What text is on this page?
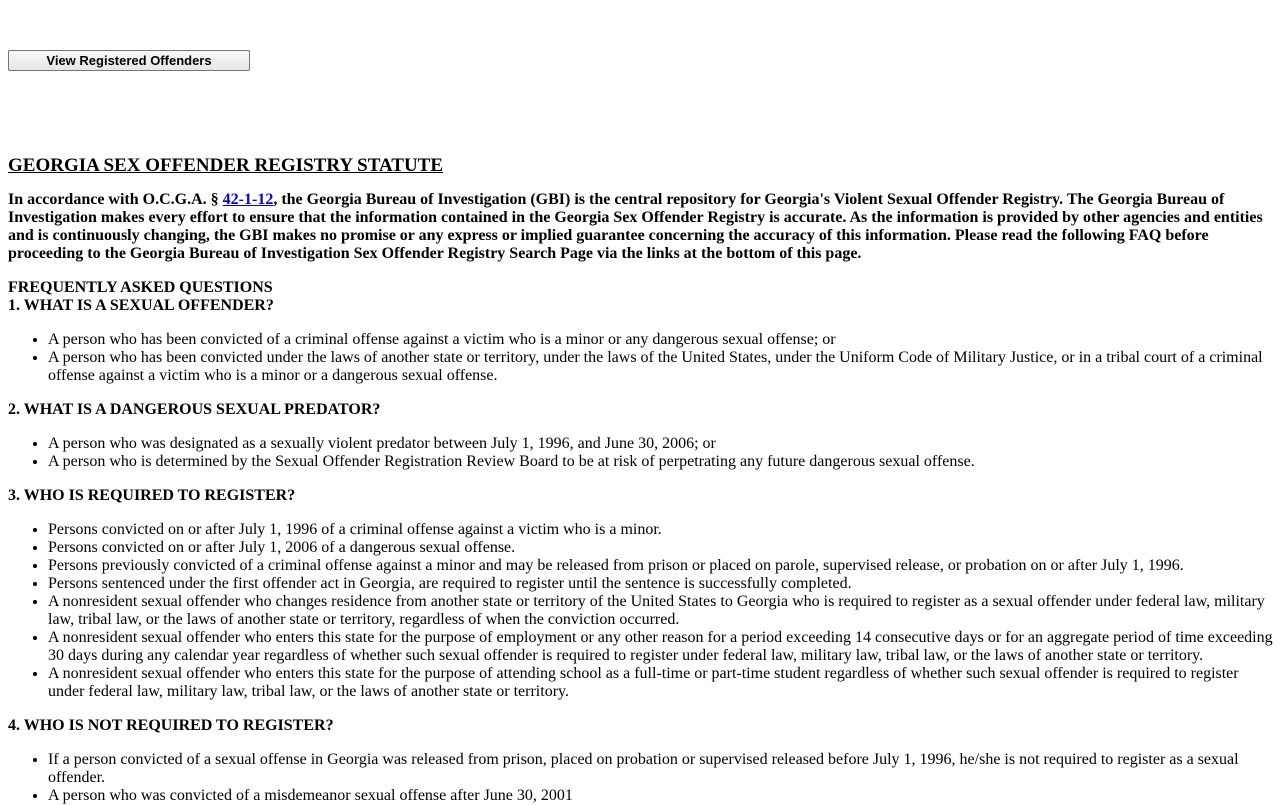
View Registered Offenders
GEORGIA SEX OFFENDER REGISTRY STATUTE

In accordance with O.C.G.A. § 42-1-12, the Georgia Bureau of Investigation (GBI) is the central repository for Georgia's Violent Sexual Offender Registry. The Georgia Bureau of Investigation makes every effort to ensure that the information contained in the Georgia Sex Offender Registry is accurate. As the information is provided by other agencies and entities and is continuously changing, the GBI makes no promise or any express or implied guarantee concerning the accuracy of this information. Please read the following FAQ before proceeding to the Georgia Bureau of Investigation Sex Offender Registry Search Page via the links at the bottom of this page.

FREQUENTLY ASKED QUESTIONS

1. WHAT IS A SEXUAL OFFENDER?

• A person who has been convicted of a criminal offense against a victim who is a minor or any dangerous sexual offense; or
• A person who has been convicted under the laws of another state or territory, under the laws of the United States, under the Uniform Code of Military Justice, or in a tribal court of a criminal offense against a victim who is a minor or a dangerous sexual offense.

2. WHAT IS A DANGEROUS SEXUAL PREDATOR?

• A person who was designated as a sexually violent predator between July 1, 1996, and June 30, 2006; or
• A person who is determined by the Sexual Offender Registration Review Board to be at risk of perpetrating any future dangerous sexual offense.

3. WHO IS REQUIRED TO REGISTER?

• Persons convicted on or after July 1, 1996 of a criminal offense against a victim who is a minor.
• Persons convicted on or after July 1, 2006 of a dangerous sexual offense.
• Persons previously convicted of a criminal offense against a minor and may be released from prison or placed on parole, supervised release, or probation on or after July 1, 1996.
• Persons sentenced under the first offender act in Georgia, are required to register until the sentence is successfully completed.
• A nonresident sexual offender who changes residence from another state or territory of the United States to Georgia who is required to register as a sexual offender under federal law, military law, tribal law, or the laws of another state or territory, regardless of when the conviction occurred.
• A nonresident sexual offender who enters this state for the purpose of employment or any other reason for a period exceeding 14 consecutive days or for an aggregate period of time exceeding 30 days during any calendar year regardless of whether such sexual offender is required to register under federal law, military law, tribal law, or the laws of another state or territory.
• A nonresident sexual offender who enters this state for the purpose of attending school as a full-time or part-time student regardless of whether such sexual offender is required to register under federal law, military law, tribal law, or the laws of another state or territory.

4. WHO IS NOT REQUIRED TO REGISTER?

• If a person convicted of a sexual offense in Georgia was released from prison, placed on probation or supervised released before July 1, 1996, he/she is not required to register as a sexual offender.
• A person who was convicted of a misdemeanor sexual offense after June 30, 2001
